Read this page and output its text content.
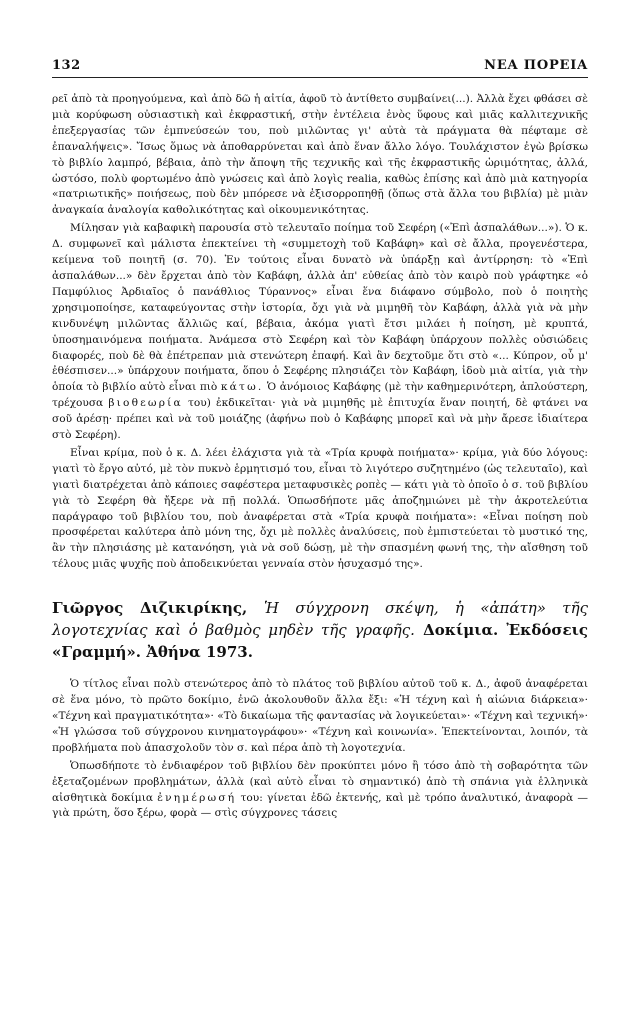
132	ΝΕΑ ΠΟΡΕΙΑ

ρεῖ ἀπὸ τὰ προηγούμενα, καὶ ἀπὸ δῶ ἡ αἰτία, ἀφοῦ τὸ ἀντίθετο συμβαίνει(...). Ἀλλὰ ἔχει φθάσει σὲ μιὰ κορύφωση οὐσιαστικὴ καὶ ἐκφραστική, στὴν ἐντέλεια ἑνὸς ὕφους καὶ μιᾶς καλλιτεχνικῆς ἐπεξεργασίας τῶν ἐμπνεύσεών του, ποὺ μιλῶντας γι' αὐτὰ τὰ πράγματα θὰ πέφταμε σὲ ἐπαναλήψεις». Ἴσως ὅμως νὰ ἀποθαρρύνεται καὶ ἀπὸ ἕναν ἄλλο λόγο. Τουλάχιστον ἐγὼ βρίσκω τὸ βιβλίο λαμπρό, βέβαια, ἀπὸ τὴν ἄποψη τῆς τεχνικῆς καὶ τῆς ἐκφραστικῆς ὡριμότητας, ἀλλά, ὡστόσο, πολὺ φορτωμένο ἀπὸ γνώσεις καὶ ἀπὸ λογὶς realia, καθὼς ἐπίσης καὶ ἀπὸ μιὰ κατηγορία «πατριωτικῆς» ποιήσεως, ποὺ δὲν μπόρεσε νὰ ἐξισορροπηθῇ (ὅπως στὰ ἄλλα του βιβλία) μὲ μιὰν ἀναγκαία ἀναλογία καθολικότητας καὶ οἰκουμενικότητας.

Μίλησαν γιὰ καβαφικὴ παρουσία στὸ τελευταῖο ποίημα τοῦ Σεφέρη («Ἐπὶ ἀσπαλάθων...»). Ὁ κ. Δ. συμφωνεῖ καὶ μάλιστα ἐπεκτείνει τὴ «συμμετοχὴ τοῦ Καβάφη» καὶ σὲ ἄλλα, προγενέστερα, κείμενα τοῦ ποιητῆ (σ. 70). Ἐν τούτοις εἶναι δυνατὸ νὰ ὑπάρξῃ καὶ ἀντίρρηση: τὸ «Ἐπὶ ἀσπαλάθων...» δὲν ἔρχεται ἀπὸ τὸν Καβάφη, ἀλλὰ ἀπ' εὐθείας ἀπὸ τὸν καιρὸ ποὺ γράφτηκε «ὁ Παμφύλιος Ἀρδιαῖος ὁ πανάθλιος Τύραννος» εἶναι ἕνα διάφανο σύμβολο, ποὺ ὁ ποιητὴς χρησιμοποίησε, καταφεύγοντας στὴν ἱστορία, ὄχι γιὰ νὰ μιμηθῆ τὸν Καβάφη, ἀλλὰ γιὰ νὰ μὴν κινδυνέψη μιλῶντας ἄλλιῶς καί, βέβαια, ἀκόμα γιατὶ ἔτσι μιλάει ἡ ποίηση, μὲ κρυπτά, ὑποσημαινόμενα ποιήματα. Ἀνάμεσα στὸ Σεφέρη καὶ τὸν Καβάφη ὑπάρχουν πολλὲς οὐσιώδεις διαφορές, ποὺ δὲ θὰ ἐπέτρεπαν μιὰ στενώτερη ἐπαφή. Καὶ ἂν δεχτοῦμε ὅτι στὸ «... Κύπρον, οὗ μ' ἐθέσπισεν...» ὑπάρχουν ποιήματα, ὅπου ὁ Σεφέρης πλησιάζει τὸν Καβάφη, ἰδοὺ μιὰ αἰτία, γιὰ τὴν ὁποία τὸ βιβλίο αὐτὸ εἶναι πιὸ κάτω. Ὁ ἀνόμοιος Καβάφης (μὲ τὴν καθημερινότερη, ἁπλούστερη, τρέχουσα βιοθεωρία του) ἐκδικεῖται· γιὰ νὰ μιμηθῆς μὲ ἐπιτυχία ἕναν ποιητή, δὲ φτάνει να σοῦ ἀρέσῃ· πρέπει καὶ νὰ τοῦ μοιάζης (ἀφήνω ποὺ ὁ Καβάφης μπορεῖ καὶ νὰ μὴν ἄρεσε ἰδιαίτερα στὸ Σεφέρη).

Εἶναι κρίμα, ποὺ ὁ κ. Δ. λέει ἐλάχιστα γιὰ τὰ «Τρία κρυφὰ ποιήματα»· κρίμα, γιὰ δύο λόγους: γιατὶ τὸ ἔργο αὐτό, μὲ τὸν πυκνὸ ἑρμητισμό του, εἶναι τὸ λιγότερο συζητημένο (ὡς τελευταῖο), καὶ γιατὶ διατρέχεται ἀπὸ κάποιες σαφέστερα μεταφυσικὲς ροπὲς — κάτι γιὰ τὸ ὁποῖο ὁ σ. τοῦ βιβλίου γιὰ τὸ Σεφέρη θὰ ἤξερε νὰ πῇ πολλά. Ὁπωσδήποτε μᾶς ἀποζημιώνει μὲ τὴν ἀκροτελεύτια παράγραφο τοῦ βιβλίου του, ποὺ ἀναφέρεται στὰ «Τρία κρυφὰ ποιήματα»: «Εἶναι ποίηση ποὺ προσφέρεται καλύτερα ἀπὸ μόνη της, ὄχι μὲ πολλὲς ἀναλύσεις, ποὺ ἐμπιστεύεται τὸ μυστικό της, ἂν τὴν πλησιάσης μὲ κατανόηση, γιὰ νὰ σοῦ δώσῃ, μὲ τὴν σπασμένη φωνή της, τὴν αἴσθηση τοῦ τέλους μιᾶς ψυχῆς ποὺ ἀποδεικνύεται γενναία στὸν ἡσυχασμό της».

Γιῶργος Διζικιρίκης, Ἡ σύγχρονη σκέψη, ἡ «ἀπάτη» τῆς λογοτεχνίας καὶ ὁ βαθμὸς μηδὲν τῆς γραφῆς. Δοκίμια. Ἐκδόσεις «Γραμμή». Ἀθήνα 1973.

Ὁ τίτλος εἶναι πολὺ στενώτερος ἀπὸ τὸ πλάτος τοῦ βιβλίου αὐτοῦ τοῦ κ. Δ., ἀφοῦ ἀναφέρεται σὲ ἕνα μόνο, τὸ πρῶτο δοκίμιο, ἐνῶ ἀκολουθοῦν ἄλλα ἔξι: «Ἡ τέχνη καὶ ἡ αἰώνια διάρκεια»· «Τέχνη καὶ πραγματικότητα»· «Τὸ δικαίωμα τῆς φαντασίας νὰ λογικεύεται»· «Τέχνη καὶ τεχνική»· «Ἡ γλώσσα τοῦ σύγχρονου κινηματογράφου»· «Τέχνη καὶ κοινωνία». Ἐπεκτείνονται, λοιπόν, τὰ προβλήματα ποὺ ἀπασχολοῦν τὸν σ. καὶ πέρα ἀπὸ τὴ λογοτεχνία.

Ὁπωσδήποτε τὸ ἐνδιαφέρον τοῦ βιβλίου δὲν προκύπτει μόνο ἢ τόσο ἀπὸ τὴ σοβαρότητα τῶν ἐξεταζομένων προβλημάτων, ἀλλὰ (καὶ αὐτὸ εἶναι τὸ σημαντικό) ἀπὸ τὴ σπάνια γιὰ ἑλληνικὰ αἰσθητικὰ δοκίμια ἐνημέρωσή του: γίνεται ἐδῶ ἐκτενής, καὶ μὲ τρόπο ἀναλυτικό, ἀναφορὰ — γιὰ πρώτη, ὅσο ξέρω, φορὰ — στὶς σύγχρονες τάσεις
